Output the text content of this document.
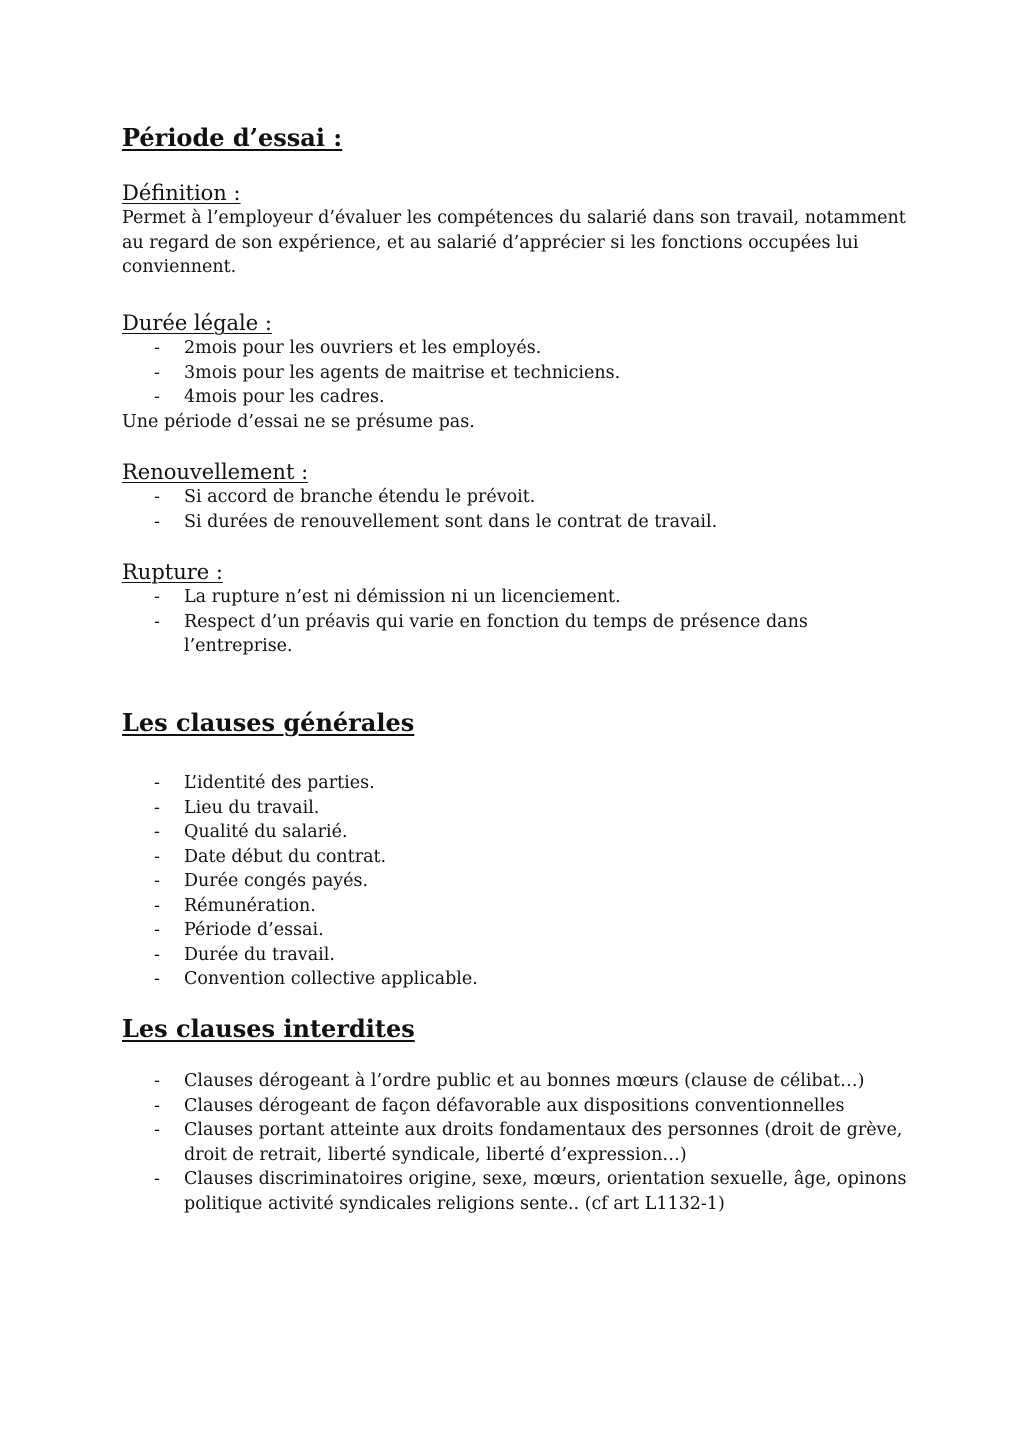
Période d’essai :
Définition :

Permet à l’employeur d’évaluer les compétences du salarié dans son travail, notamment
au regard de son expérience, et au salarié d’apprécier si les fonctions occupées lui
conviennent.

Durée légale :
- 2mois pour les ouvriers et les employés.
- 3mois pour les agents de maitrise et techniciens.
- 4mois pour les cadres.

Une période d’essai ne se présume pas.

Renouvellement :
- Si accord de branche étendu le prévoit.
- Si durées de renouvellement sont dans le contrat de travail.
Rupture :
- La rupture n’est ni démission ni un licenciement.
- Respect d’un préavis qui varie en fonction du temps de présence dans l’entreprise.
Les clauses générales
- L’identité des parties.
- Lieu du travail.
- Qualité du salarié.
- Date début du contrat.
- Durée congés payés.
- Rémunération.
- Période d’essai.
- Durée du travail.
- Convention collective applicable.
Les clauses interdites
- Clauses dérogeant à l’ordre public et au bonnes mœurs (clause de célibat…)
- Clauses dérogeant de façon défavorable aux dispositions conventionnelles
- Clauses portant atteinte aux droits fondamentaux des personnes (droit de grève, droit de retrait, liberté syndicale, liberté d’expression…)
- Clauses discriminatoires origine, sexe, mœurs, orientation sexuelle, âge, opinons politique activité syndicales religions sente.. (cf art L1132-1)
